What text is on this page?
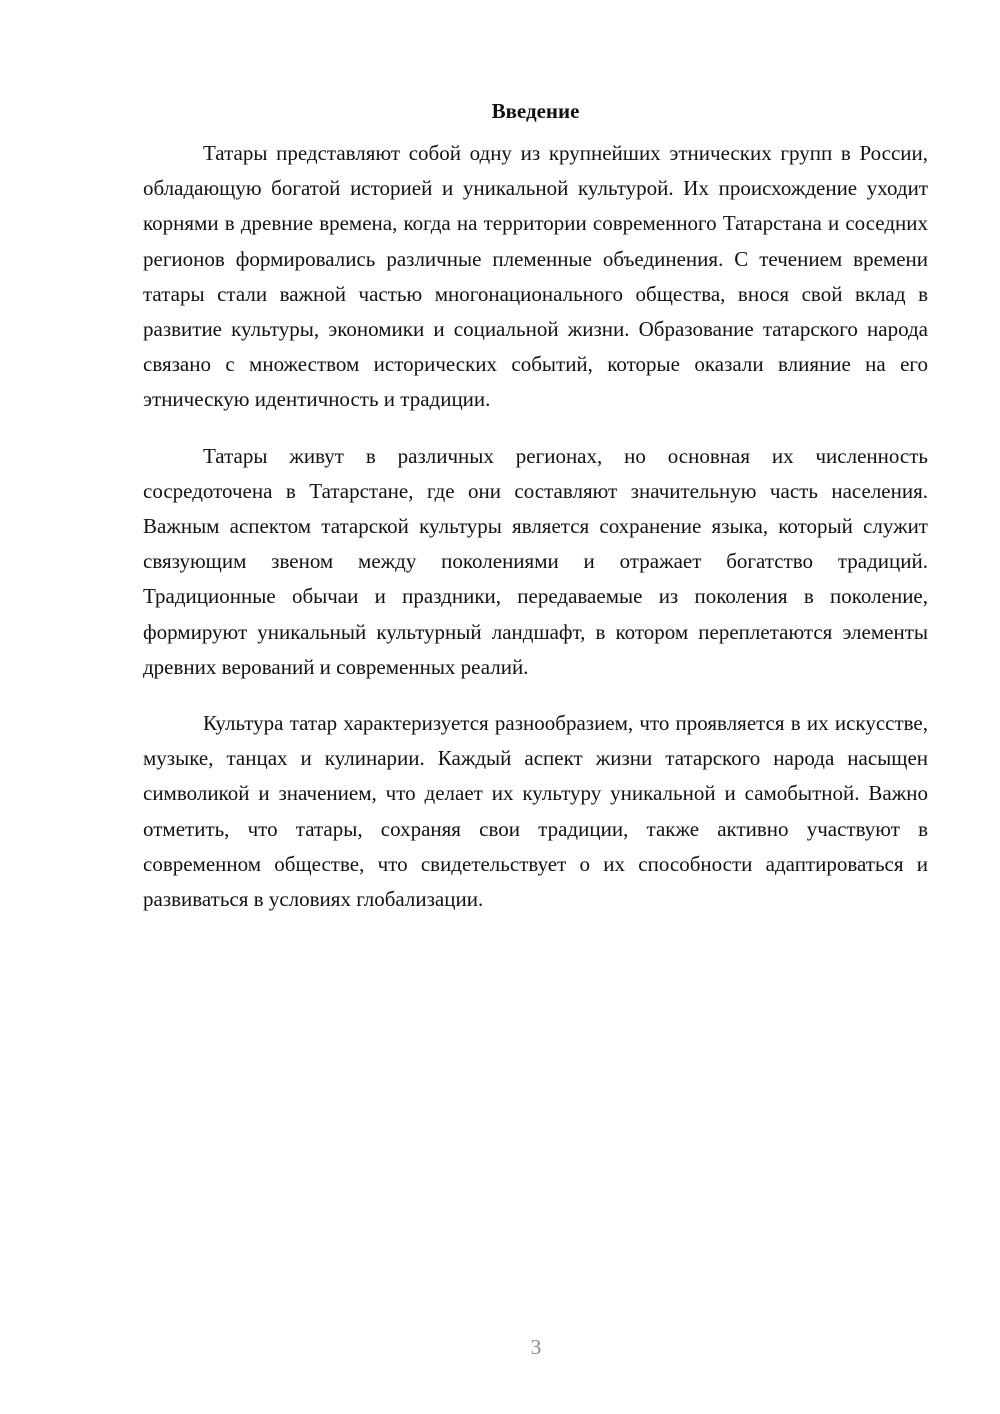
Введение

Татары представляют собой одну из крупнейших этнических групп в России, обладающую богатой историей и уникальной культурой. Их происхождение уходит корнями в древние времена, когда на территории современного Татарстана и соседних регионов формировались различные племенные объединения. С течением времени татары стали важной частью многонационального общества, внося свой вклад в развитие культуры, экономики и социальной жизни. Образование татарского народа связано с множеством исторических событий, которые оказали влияние на его этническую идентичность и традиции.

Татары живут в различных регионах, но основная их численность сосредоточена в Татарстане, где они составляют значительную часть населения. Важным аспектом татарской культуры является сохранение языка, который служит связующим звеном между поколениями и отражает богатство традиций. Традиционные обычаи и праздники, передаваемые из поколения в поколение, формируют уникальный культурный ландшафт, в котором переплетаются элементы древних верований и современных реалий.

Культура татар характеризуется разнообразием, что проявляется в их искусстве, музыке, танцах и кулинарии. Каждый аспект жизни татарского народа насыщен символикой и значением, что делает их культуру уникальной и самобытной. Важно отметить, что татары, сохраняя свои традиции, также активно участвуют в современном обществе, что свидетельствует о их способности адаптироваться и развиваться в условиях глобализации.

3
